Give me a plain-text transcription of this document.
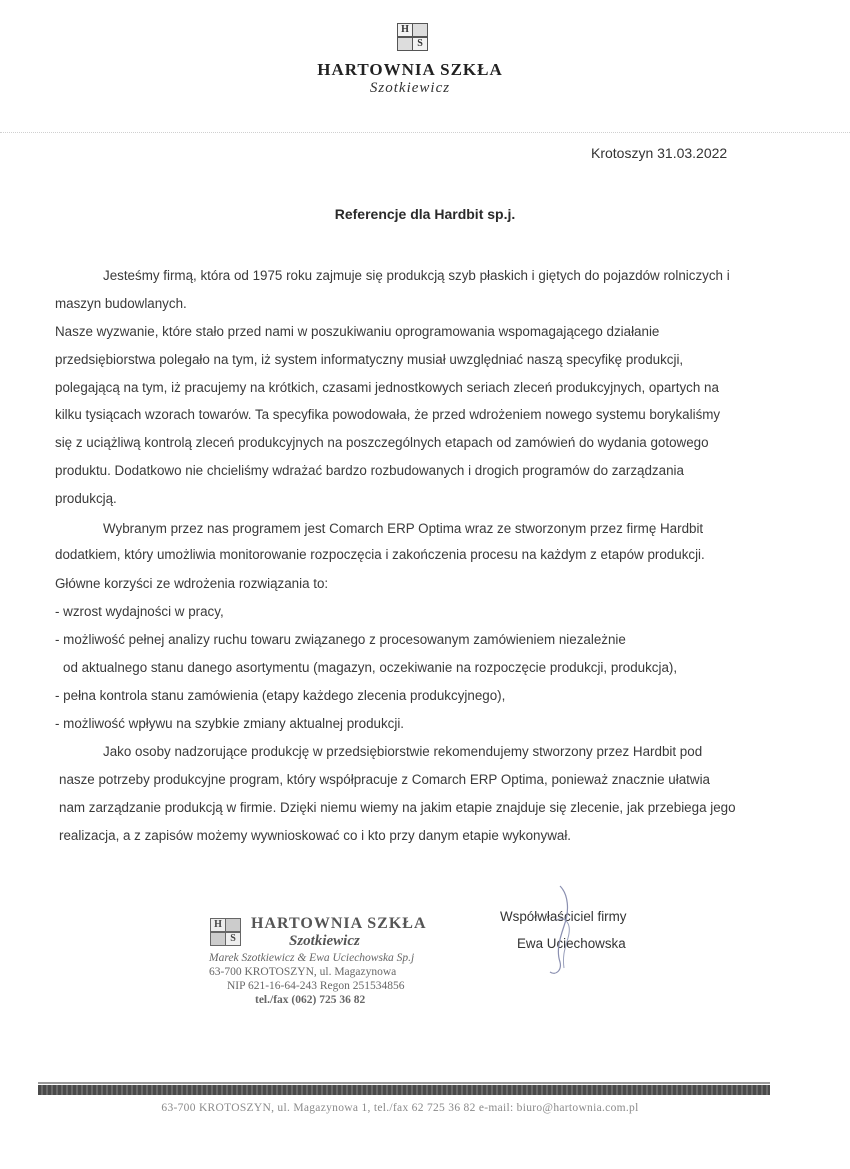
H
S
HARTOWNIA SZKŁA
Szotkiewicz
Krotoszyn 31.03.2022
Referencje dla Hardbit sp.j.
Jesteśmy firmą, która od 1975 roku zajmuje się produkcją szyb płaskich i giętych do pojazdów rolniczych i
maszyn budowlanych.
Nasze wyzwanie, które stało przed nami w poszukiwaniu oprogramowania wspomagającego działanie
przedsiębiorstwa polegało na tym, iż system informatyczny musiał uwzględniać naszą specyfikę produkcji,
polegającą na tym, iż pracujemy na krótkich, czasami jednostkowych seriach zleceń produkcyjnych, opartych na
kilku tysiącach wzorach towarów. Ta specyfika powodowała, że przed wdrożeniem nowego systemu borykaliśmy
się z uciążliwą kontrolą zleceń produkcyjnych na poszczególnych etapach od zamówień do wydania gotowego
produktu. Dodatkowo nie chcieliśmy wdrażać bardzo rozbudowanych i drogich programów do zarządzania
produkcją.
Wybranym przez nas programem jest Comarch ERP Optima wraz ze stworzonym przez firmę Hardbit
dodatkiem, który umożliwia monitorowanie rozpoczęcia i zakończenia procesu na każdym z etapów produkcji.
Główne korzyści ze wdrożenia rozwiązania to:
- wzrost wydajności w pracy,
- możliwość pełnej analizy ruchu towaru związanego z procesowanym zamówieniem niezależnie
od aktualnego stanu danego asortymentu (magazyn, oczekiwanie na rozpoczęcie produkcji, produkcja),
- pełna kontrola stanu zamówienia (etapy każdego zlecenia produkcyjnego),
- możliwość wpływu na szybkie zmiany aktualnej produkcji.
Jako osoby nadzorujące produkcję w przedsiębiorstwie rekomendujemy stworzony przez Hardbit pod
nasze potrzeby produkcyjne program, który współpracuje z Comarch ERP Optima, ponieważ znacznie ułatwia
nam zarządzanie produkcją w firmie. Dzięki niemu wiemy na jakim etapie znajduje się zlecenie, jak przebiega jego
realizacja, a z zapisów możemy wywnioskować co i kto przy danym etapie wykonywał.
H
S
HARTOWNIA SZKŁA
Szotkiewicz
Marek Szotkiewicz & Ewa Uciechowska Sp.j
63-700 KROTOSZYN, ul. Magazynowa
NIP 621-16-64-243 Regon 251534856
tel./fax (062) 725 36 82
Współwłaściciel firmy
Ewa Uciechowska
63-700 KROTOSZYN, ul. Magazynowa 1, tel./fax 62 725 36 82 e-mail: biuro@hartownia.com.pl
